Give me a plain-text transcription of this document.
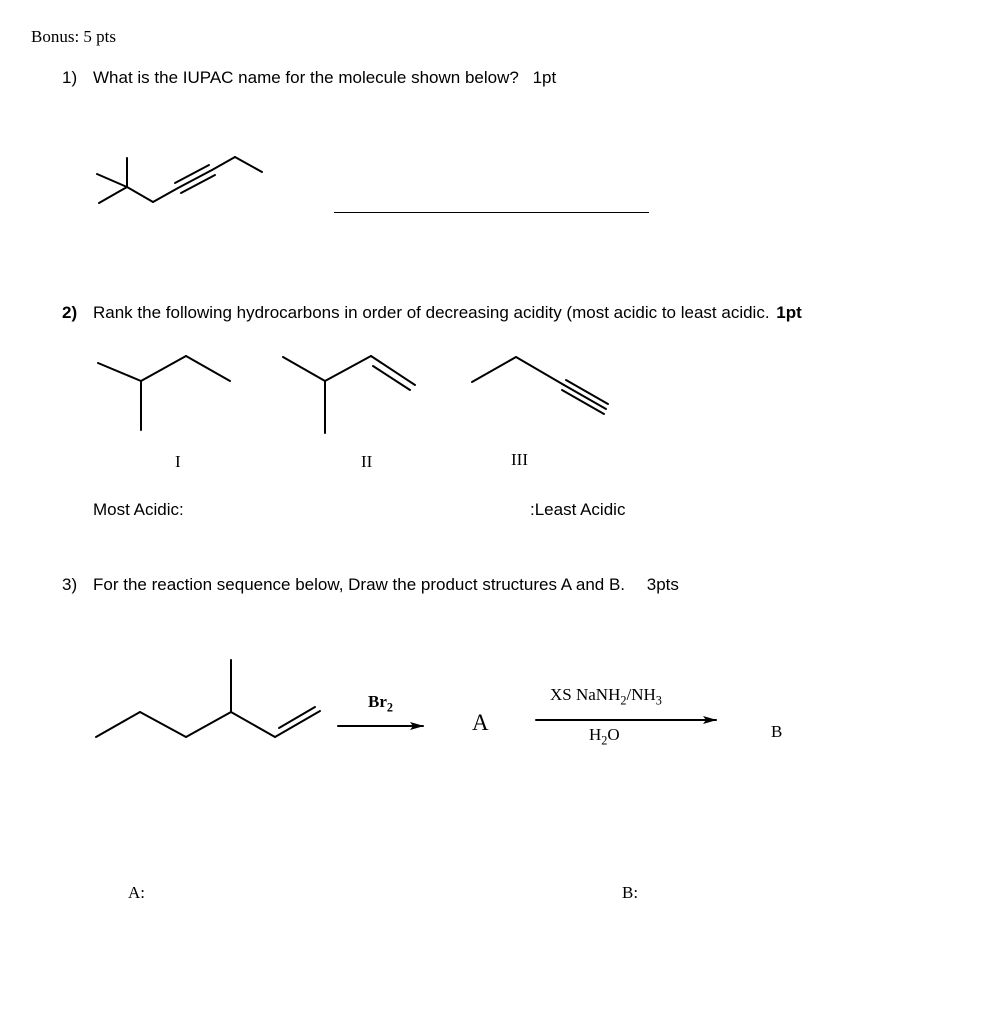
Bonus: 5 pts
1) What is the IUPAC name for the molecule shown below? 1pt
2) Rank the following hydrocarbons in order of decreasing acidity (most acidic to least acidic. 1pt
I	II	III
Most Acidic:	:Least Acidic
3) For the reaction sequence below, Draw the product structures A and B. 3pts
$Br_2$
A
XS $NaNH_2/NH_3$
$H_2O$	B
A:	B:
